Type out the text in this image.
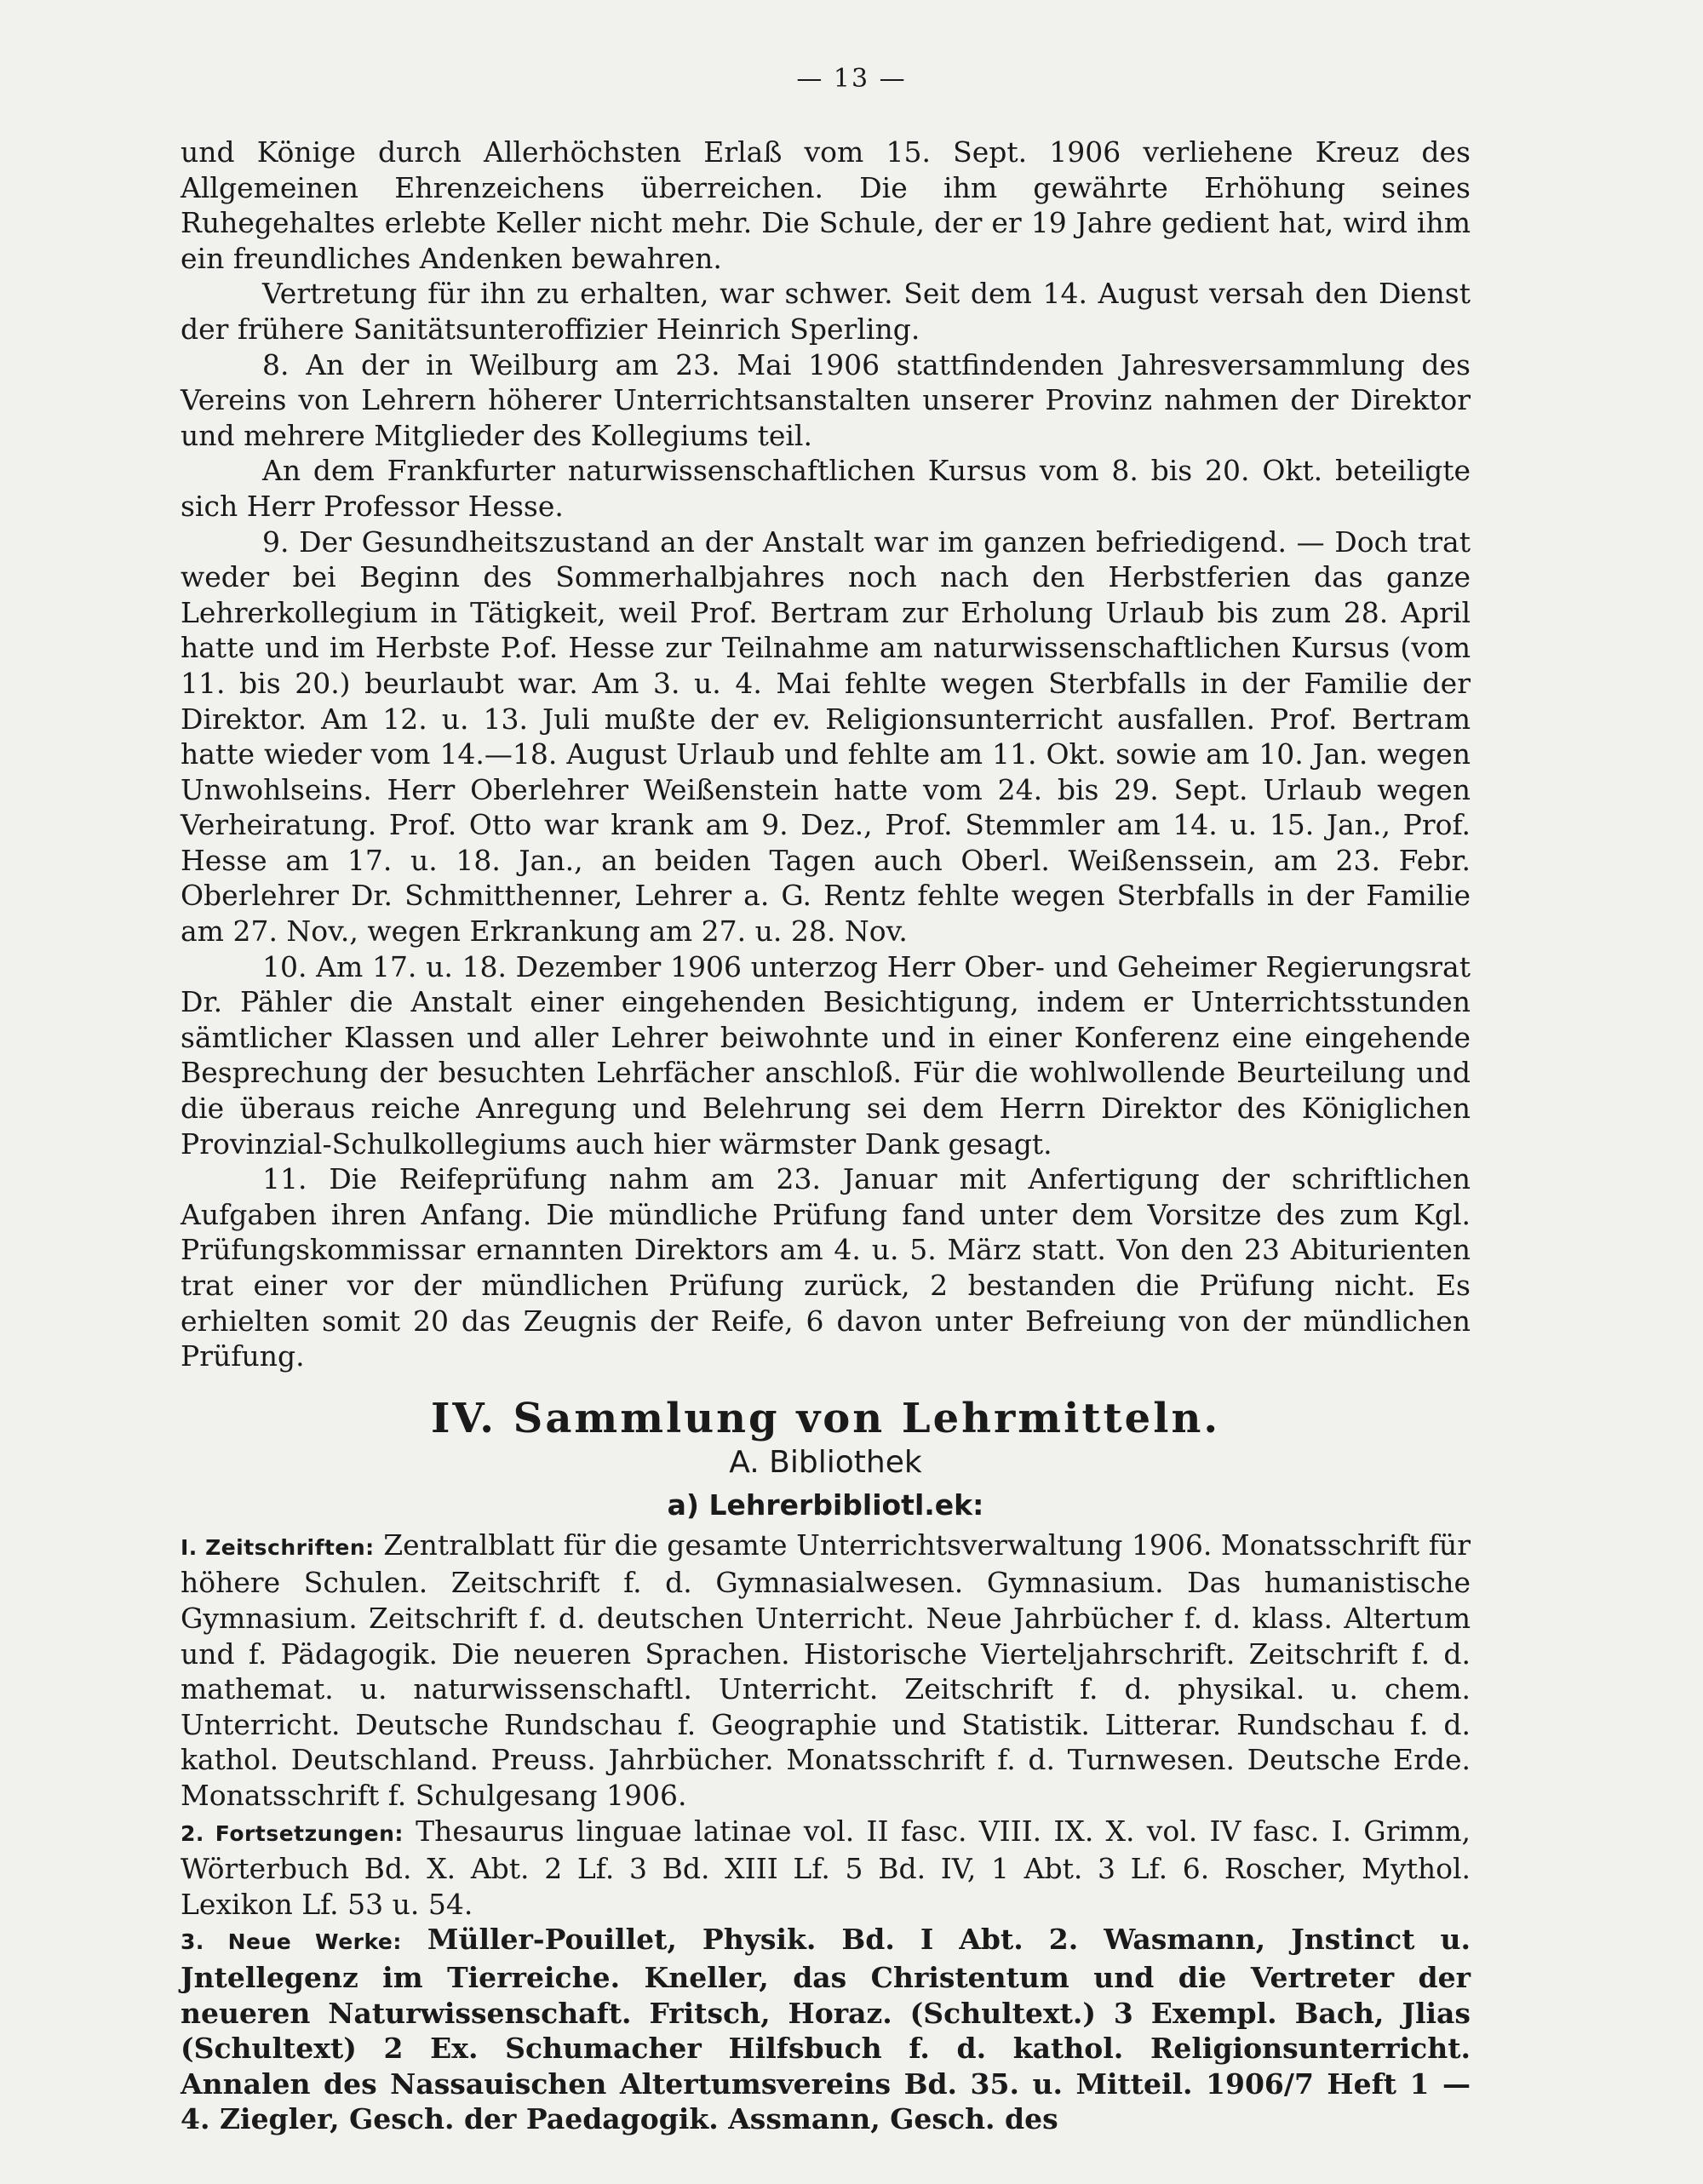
— 13 —

und Könige durch Allerhöchsten Erlaß vom 15. Sept. 1906 verliehene Kreuz des Allgemeinen Ehrenzeichens überreichen. Die ihm gewährte Erhöhung seines Ruhegehaltes erlebte Keller nicht mehr. Die Schule, der er 19 Jahre gedient hat, wird ihm ein freundliches Andenken bewahren.

Vertretung für ihn zu erhalten, war schwer. Seit dem 14. August versah den Dienst der frühere Sanitätsunteroffizier Heinrich Sperling.

8. An der in Weilburg am 23. Mai 1906 stattfindenden Jahresversammlung des Vereins von Lehrern höherer Unterrichtsanstalten unserer Provinz nahmen der Direktor und mehrere Mitglieder des Kollegiums teil.

An dem Frankfurter naturwissenschaftlichen Kursus vom 8. bis 20. Okt. beteiligte sich Herr Professor Hesse.

9. Der Gesundheitszustand an der Anstalt war im ganzen befriedigend. — Doch trat weder bei Beginn des Sommerhalbjahres noch nach den Herbstferien das ganze Lehrerkollegium in Tätigkeit, weil Prof. Bertram zur Erholung Urlaub bis zum 28. April hatte und im Herbste P.of. Hesse zur Teilnahme am naturwissenschaftlichen Kursus (vom 11. bis 20.) beurlaubt war. Am 3. u. 4. Mai fehlte wegen Sterbfalls in der Familie der Direktor. Am 12. u. 13. Juli mußte der ev. Religionsunterricht ausfallen. Prof. Bertram hatte wieder vom 14.—18. August Urlaub und fehlte am 11. Okt. sowie am 10. Jan. wegen Unwohlseins. Herr Oberlehrer Weißenstein hatte vom 24. bis 29. Sept. Urlaub wegen Verheiratung. Prof. Otto war krank am 9. Dez., Prof. Stemmler am 14. u. 15. Jan., Prof. Hesse am 17. u. 18. Jan., an beiden Tagen auch Oberl. Weißenssein, am 23. Febr. Oberlehrer Dr. Schmitthenner, Lehrer a. G. Rentz fehlte wegen Sterbfalls in der Familie am 27. Nov., wegen Erkrankung am 27. u. 28. Nov.

10. Am 17. u. 18. Dezember 1906 unterzog Herr Ober- und Geheimer Regierungsrat Dr. Pähler die Anstalt einer eingehenden Besichtigung, indem er Unterrichtsstunden sämtlicher Klassen und aller Lehrer beiwohnte und in einer Konferenz eine eingehende Besprechung der besuchten Lehrfächer anschloß. Für die wohlwollende Beurteilung und die überaus reiche Anregung und Belehrung sei dem Herrn Direktor des Königlichen Provinzial-Schulkollegiums auch hier wärmster Dank gesagt.

11. Die Reifeprüfung nahm am 23. Januar mit Anfertigung der schriftlichen Aufgaben ihren Anfang. Die mündliche Prüfung fand unter dem Vorsitze des zum Kgl. Prüfungskommissar ernannten Direktors am 4. u. 5. März statt. Von den 23 Abiturienten trat einer vor der mündlichen Prüfung zurück, 2 bestanden die Prüfung nicht. Es erhielten somit 20 das Zeugnis der Reife, 6 davon unter Befreiung von der mündlichen Prüfung.

IV. Sammlung von Lehrmitteln.
A. Bibliothek
a) Lehrerbibliotl.ek:

I. Zeitschriften: Zentralblatt für die gesamte Unterrichtsverwaltung 1906. Monatsschrift für höhere Schulen. Zeitschrift f. d. Gymnasialwesen. Gymnasium. Das humanistische Gymnasium. Zeitschrift f. d. deutschen Unterricht. Neue Jahrbücher f. d. klass. Altertum und f. Pädagogik. Die neueren Sprachen. Historische Vierteljahrschrift. Zeitschrift f. d. mathemat. u. naturwissenschaftl. Unterricht. Zeitschrift f. d. physikal. u. chem. Unterricht. Deutsche Rundschau f. Geographie und Statistik. Litterar. Rundschau f. d. kathol. Deutschland. Preuss. Jahrbücher. Monatsschrift f. d. Turnwesen. Deutsche Erde. Monatsschrift f. Schulgesang 1906.

2. Fortsetzungen: Thesaurus linguae latinae vol. II fasc. VIII. IX. X. vol. IV fasc. I. Grimm, Wörterbuch Bd. X. Abt. 2 Lf. 3 Bd. XIII Lf. 5 Bd. IV, 1 Abt. 3 Lf. 6. Roscher, Mythol. Lexikon Lf. 53 u. 54.

3. Neue Werke: Müller-Pouillet, Physik. Bd. I Abt. 2. Wasmann, Jnstinct u. Jntellegenz im Tierreiche. Kneller, das Christentum und die Vertreter der neueren Naturwissenschaft. Fritsch, Horaz. (Schultext.) 3 Exempl. Bach, Jlias (Schultext) 2 Ex. Schumacher Hilfsbuch f. d. kathol. Religionsunterricht. Annalen des Nassauischen Altertumsvereins Bd. 35. u. Mitteil. 1906/7 Heft 1 — 4. Ziegler, Gesch. der Paedagogik. Assmann, Gesch. des
